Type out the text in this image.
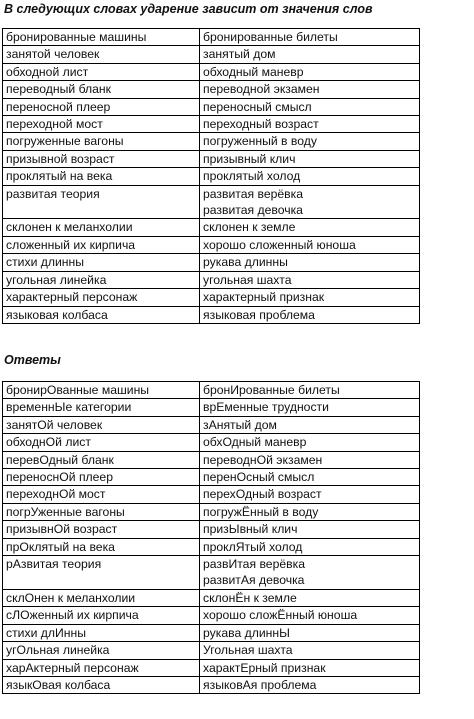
В следующих словах ударение зависит от значения слов
бронированные машины	бронированные билеты

занятой человек	занятый дом

обходной лист	обходный маневр

переводный бланк	переводной экзамен

переносной плеер	переносный смысл

переходной мост	переходный возраст

погруженные вагоны	погруженный в воду

призывной возраст	призывный клич

проклятый на века	проклятый холод

развитая теория	развитая верёвка
развитая девочка

склонен к меланхолии	склонен к земле

сложенный их кирпича	хорошо сложенный юноша

стихи длинны	рукава длинны

угольная линейка	угольная шахта

характерный персонаж	характерный признак

языковая колбаса	языковая проблема
Ответы
бронирОванные машины	бронИрованные билеты

временнЫе категории	врЕменные трудности

занятОй человек	зАнятый дом

обходнОй лист	обхОдный маневр

перевОдный бланк	переводнОй экзамен

переноснОй плеер	перенОсный смысл

переходнОй мост	перехОдный возраст

погрУженные вагоны	погружЁнный в воду

призывнОй возраст	призЫвный клич

прОклятый на века	проклЯтый холод

рАзвитая теория	развИтая верёвка
развитАя девочка

склОнен к меланхолии	склонЁн к земле

сЛОженный их кирпича	хорошо сложЁнный юноша

стихи длИнны	рукава длиннЫ

угОльная линейка	Угольная шахта

харАктерный персонаж	характЕрный признак

языкОвая колбаса	языковАя проблема
